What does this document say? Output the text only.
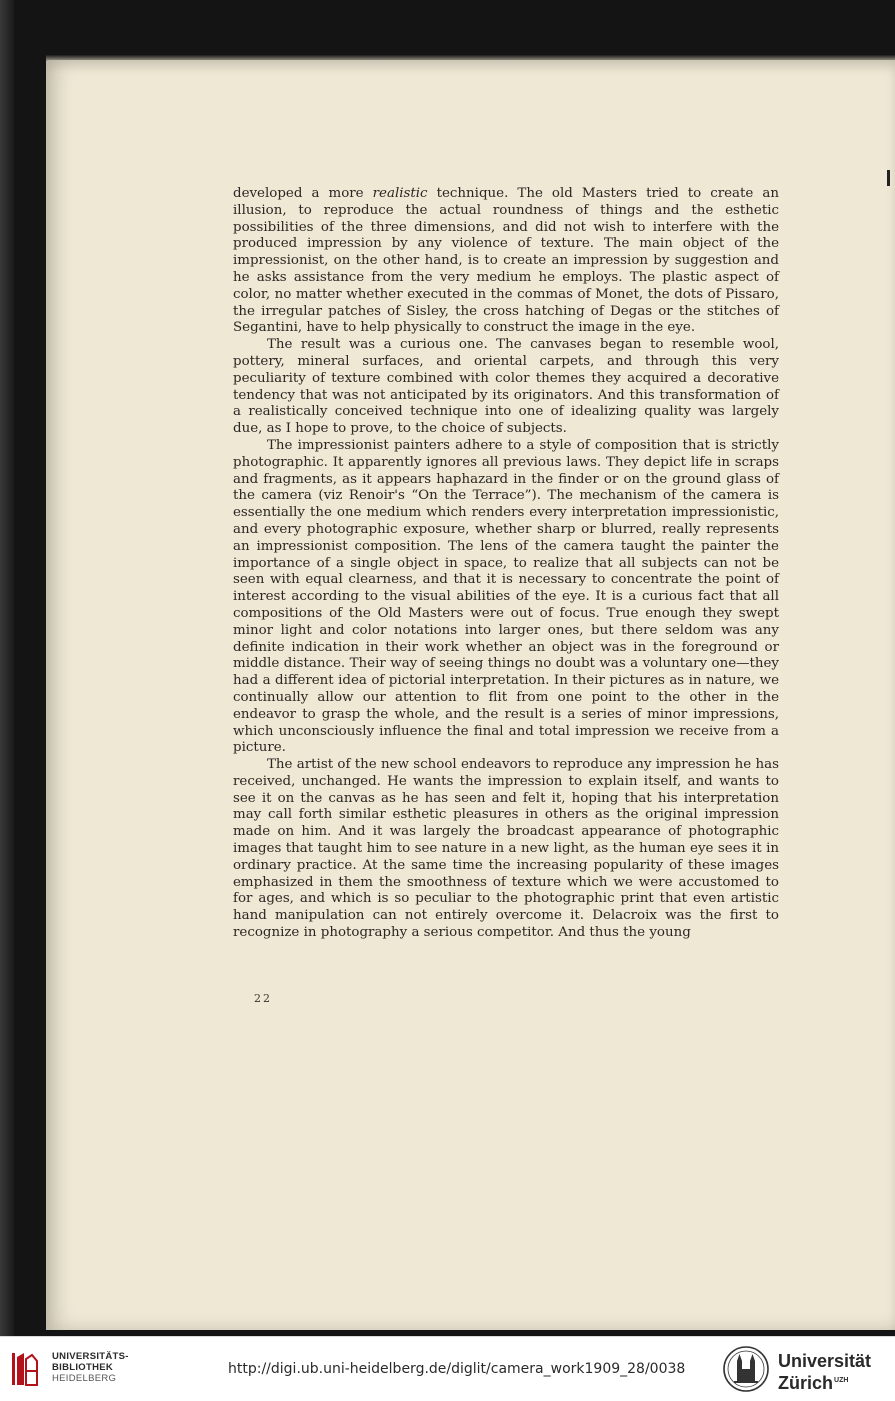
developed a more realistic technique. The old Masters tried to create an illusion, to reproduce the actual roundness of things and the esthetic possibilities of the three dimensions, and did not wish to interfere with the produced impression by any violence of texture. The main object of the impressionist, on the other hand, is to create an impression by suggestion and he asks assistance from the very medium he employs. The plastic aspect of color, no matter whether executed in the commas of Monet, the dots of Pissaro, the irregular patches of Sisley, the cross hatching of Degas or the stitches of Segantini, have to help physically to construct the image in the eye.

The result was a curious one. The canvases began to resemble wool, pottery, mineral surfaces, and oriental carpets, and through this very peculiarity of texture combined with color themes they acquired a decorative tendency that was not anticipated by its originators. And this transformation of a realistically conceived technique into one of idealizing quality was largely due, as I hope to prove, to the choice of subjects.

The impressionist painters adhere to a style of composition that is strictly photographic. It apparently ignores all previous laws. They depict life in scraps and fragments, as it appears haphazard in the finder or on the ground glass of the camera (viz Renoir's “On the Terrace”). The mechanism of the camera is essentially the one medium which renders every interpretation impressionistic, and every photographic exposure, whether sharp or blurred, really represents an impressionist composition. The lens of the camera taught the painter the importance of a single object in space, to realize that all subjects can not be seen with equal clearness, and that it is necessary to concentrate the point of interest according to the visual abilities of the eye. It is a curious fact that all compositions of the Old Masters were out of focus. True enough they swept minor light and color notations into larger ones, but there seldom was any definite indication in their work whether an object was in the foreground or middle distance. Their way of seeing things no doubt was a voluntary one—they had a different idea of pictorial interpretation. In their pictures as in nature, we continually allow our attention to flit from one point to the other in the endeavor to grasp the whole, and the result is a series of minor impressions, which unconsciously influence the final and total impression we receive from a picture.

The artist of the new school endeavors to reproduce any impression he has received, unchanged. He wants the impression to explain itself, and wants to see it on the canvas as he has seen and felt it, hoping that his interpretation may call forth similar esthetic pleasures in others as the original impression made on him. And it was largely the broadcast appearance of photographic images that taught him to see nature in a new light, as the human eye sees it in ordinary practice. At the same time the increasing popularity of these images emphasized in them the smoothness of texture which we were accustomed to for ages, and which is so peculiar to the photographic print that even artistic hand manipulation can not entirely overcome it. Delacroix was the first to recognize in photography a serious competitor. And thus the young

22
UNIVERSITÄTS-
BIBLIOTHEK
HEIDELBERG
http://digi.ub.uni-heidelberg.de/diglit/camera_work1909_28/0038	Universität
Zürich$^{UZH}$
